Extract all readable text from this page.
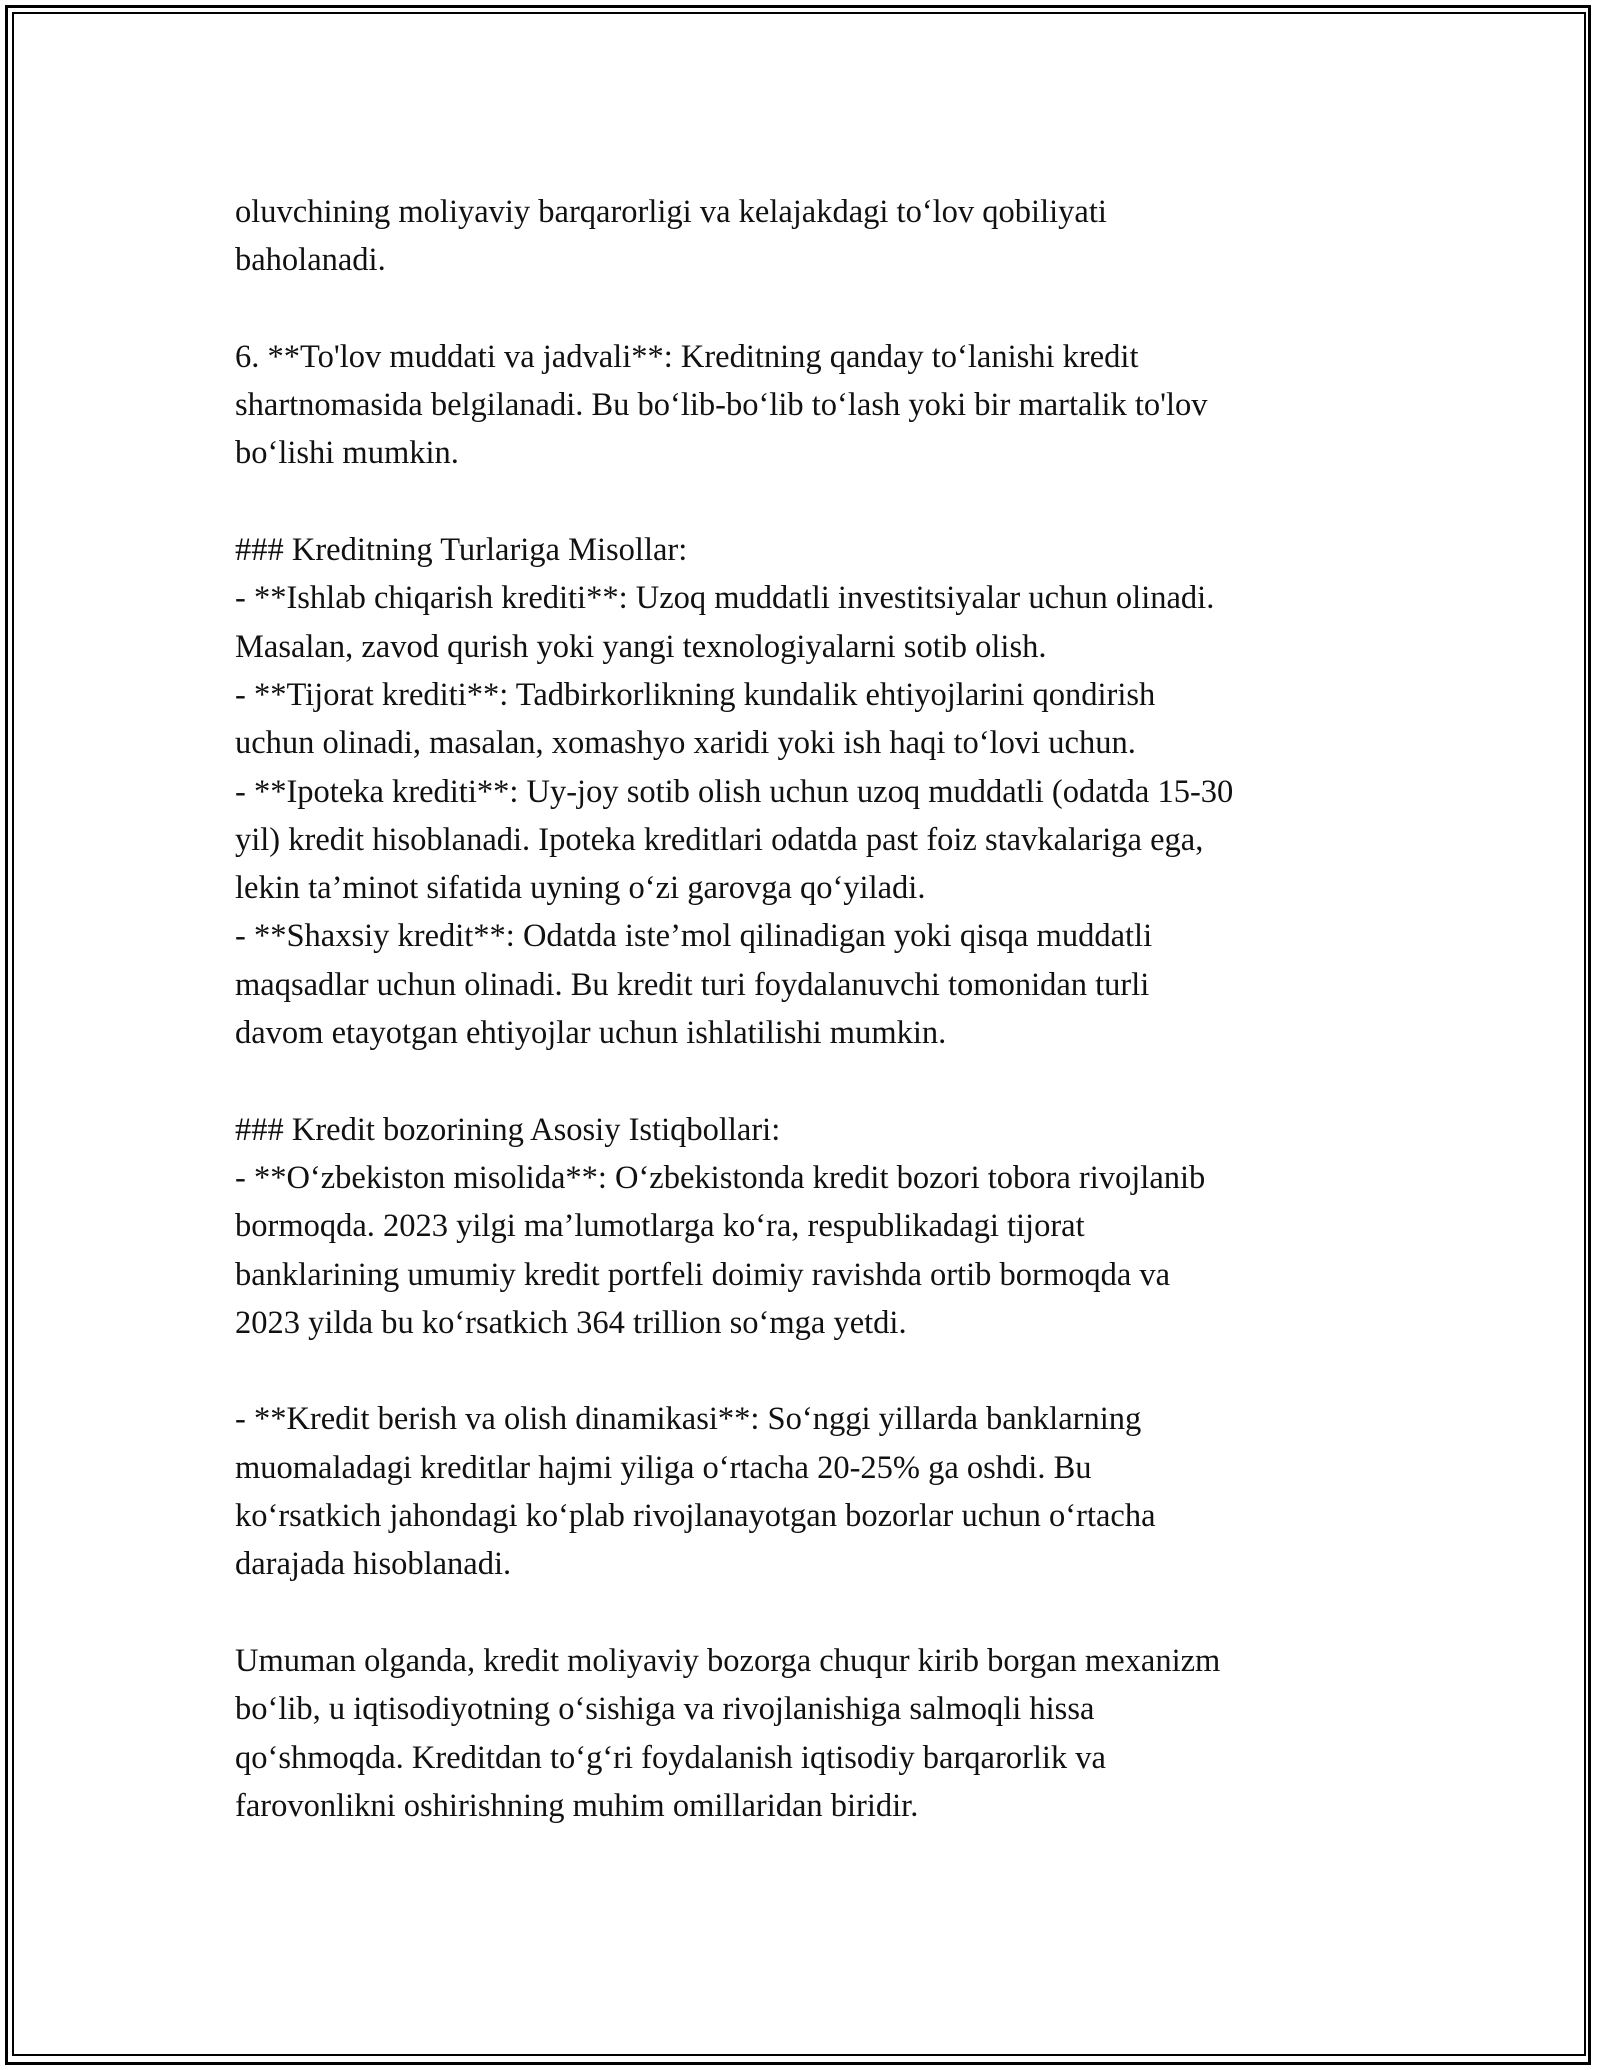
oluvchining moliyaviy barqarorligi va kelajakdagi to‘lov qobiliyati

baholanadi.

6. **To'lov muddati va jadvali**: Kreditning qanday to‘lanishi kredit

shartnomasida belgilanadi. Bu bo‘lib-bo‘lib to‘lash yoki bir martalik to'lov

bo‘lishi mumkin.

### Kreditning Turlariga Misollar:

- **Ishlab chiqarish krediti**: Uzoq muddatli investitsiyalar uchun olinadi.

Masalan, zavod qurish yoki yangi texnologiyalarni sotib olish.

- **Tijorat krediti**: Tadbirkorlikning kundalik ehtiyojlarini qondirish

uchun olinadi, masalan, xomashyo xaridi yoki ish haqi to‘lovi uchun.

- **Ipoteka krediti**: Uy-joy sotib olish uchun uzoq muddatli (odatda 15-30

yil) kredit hisoblanadi. Ipoteka kreditlari odatda past foiz stavkalariga ega,

lekin ta’minot sifatida uyning o‘zi garovga qo‘yiladi.

- **Shaxsiy kredit**: Odatda iste’mol qilinadigan yoki qisqa muddatli

maqsadlar uchun olinadi. Bu kredit turi foydalanuvchi tomonidan turli

davom etayotgan ehtiyojlar uchun ishlatilishi mumkin.

### Kredit bozorining Asosiy Istiqbollari:

- **O‘zbekiston misolida**: O‘zbekistonda kredit bozori tobora rivojlanib

bormoqda. 2023 yilgi ma’lumotlarga ko‘ra, respublikadagi tijorat

banklarining umumiy kredit portfeli doimiy ravishda ortib bormoqda va

2023 yilda bu ko‘rsatkich 364 trillion so‘mga yetdi.

- **Kredit berish va olish dinamikasi**: So‘nggi yillarda banklarning

muomaladagi kreditlar hajmi yiliga o‘rtacha 20-25% ga oshdi. Bu

ko‘rsatkich jahondagi ko‘plab rivojlanayotgan bozorlar uchun o‘rtacha

darajada hisoblanadi.

Umuman olganda, kredit moliyaviy bozorga chuqur kirib borgan mexanizm

bo‘lib, u iqtisodiyotning o‘sishiga va rivojlanishiga salmoqli hissa

qo‘shmoqda. Kreditdan to‘g‘ri foydalanish iqtisodiy barqarorlik va

farovonlikni oshirishning muhim omillaridan biridir.
